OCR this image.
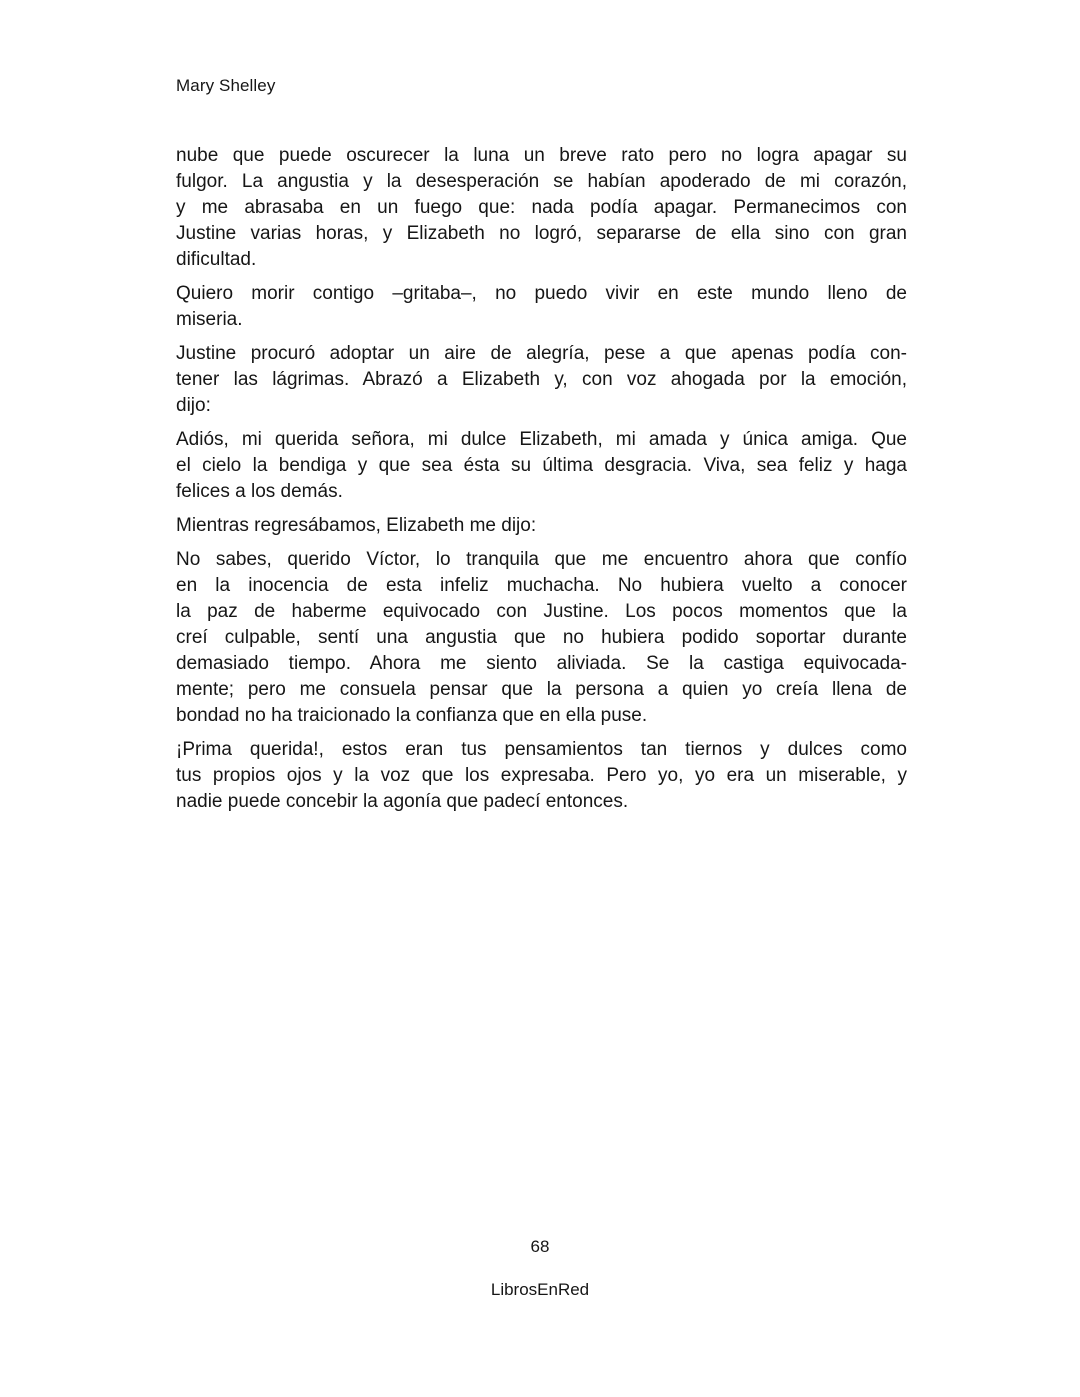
Mary Shelley

nube que puede oscurecer la luna un breve rato pero no logra apagar su
fulgor. La angustia y la desesperación se habían apoderado de mi corazón,
y me abrasaba en un fuego que: nada podía apagar. Permanecimos con
Justine varias horas, y Elizabeth no logró, separarse de ella sino con gran
dificultad.

Quiero morir contigo –gritaba–, no puedo vivir en este mundo lleno de
miseria.

Justine procuró adoptar un aire de alegría, pese a que apenas podía con-
tener las lágrimas. Abrazó a Elizabeth y, con voz ahogada por la emoción,
dijo:

Adiós, mi querida señora, mi dulce Elizabeth, mi amada y única amiga. Que
el cielo la bendiga y que sea ésta su última desgracia. Viva, sea feliz y haga
felices a los demás.

Mientras regresábamos, Elizabeth me dijo:

No sabes, querido Víctor, lo tranquila que me encuentro ahora que confío
en la inocencia de esta infeliz muchacha. No hubiera vuelto a conocer
la paz de haberme equivocado con Justine. Los pocos momentos que la
creí culpable, sentí una angustia que no hubiera podido soportar durante
demasiado tiempo. Ahora me siento aliviada. Se la castiga equivocada-
mente; pero me consuela pensar que la persona a quien yo creía llena de
bondad no ha traicionado la confianza que en ella puse.

¡Prima querida!, estos eran tus pensamientos tan tiernos y dulces como
tus propios ojos y la voz que los expresaba. Pero yo, yo era un miserable, y
nadie puede concebir la agonía que padecí entonces.

68
LibrosEnRed
